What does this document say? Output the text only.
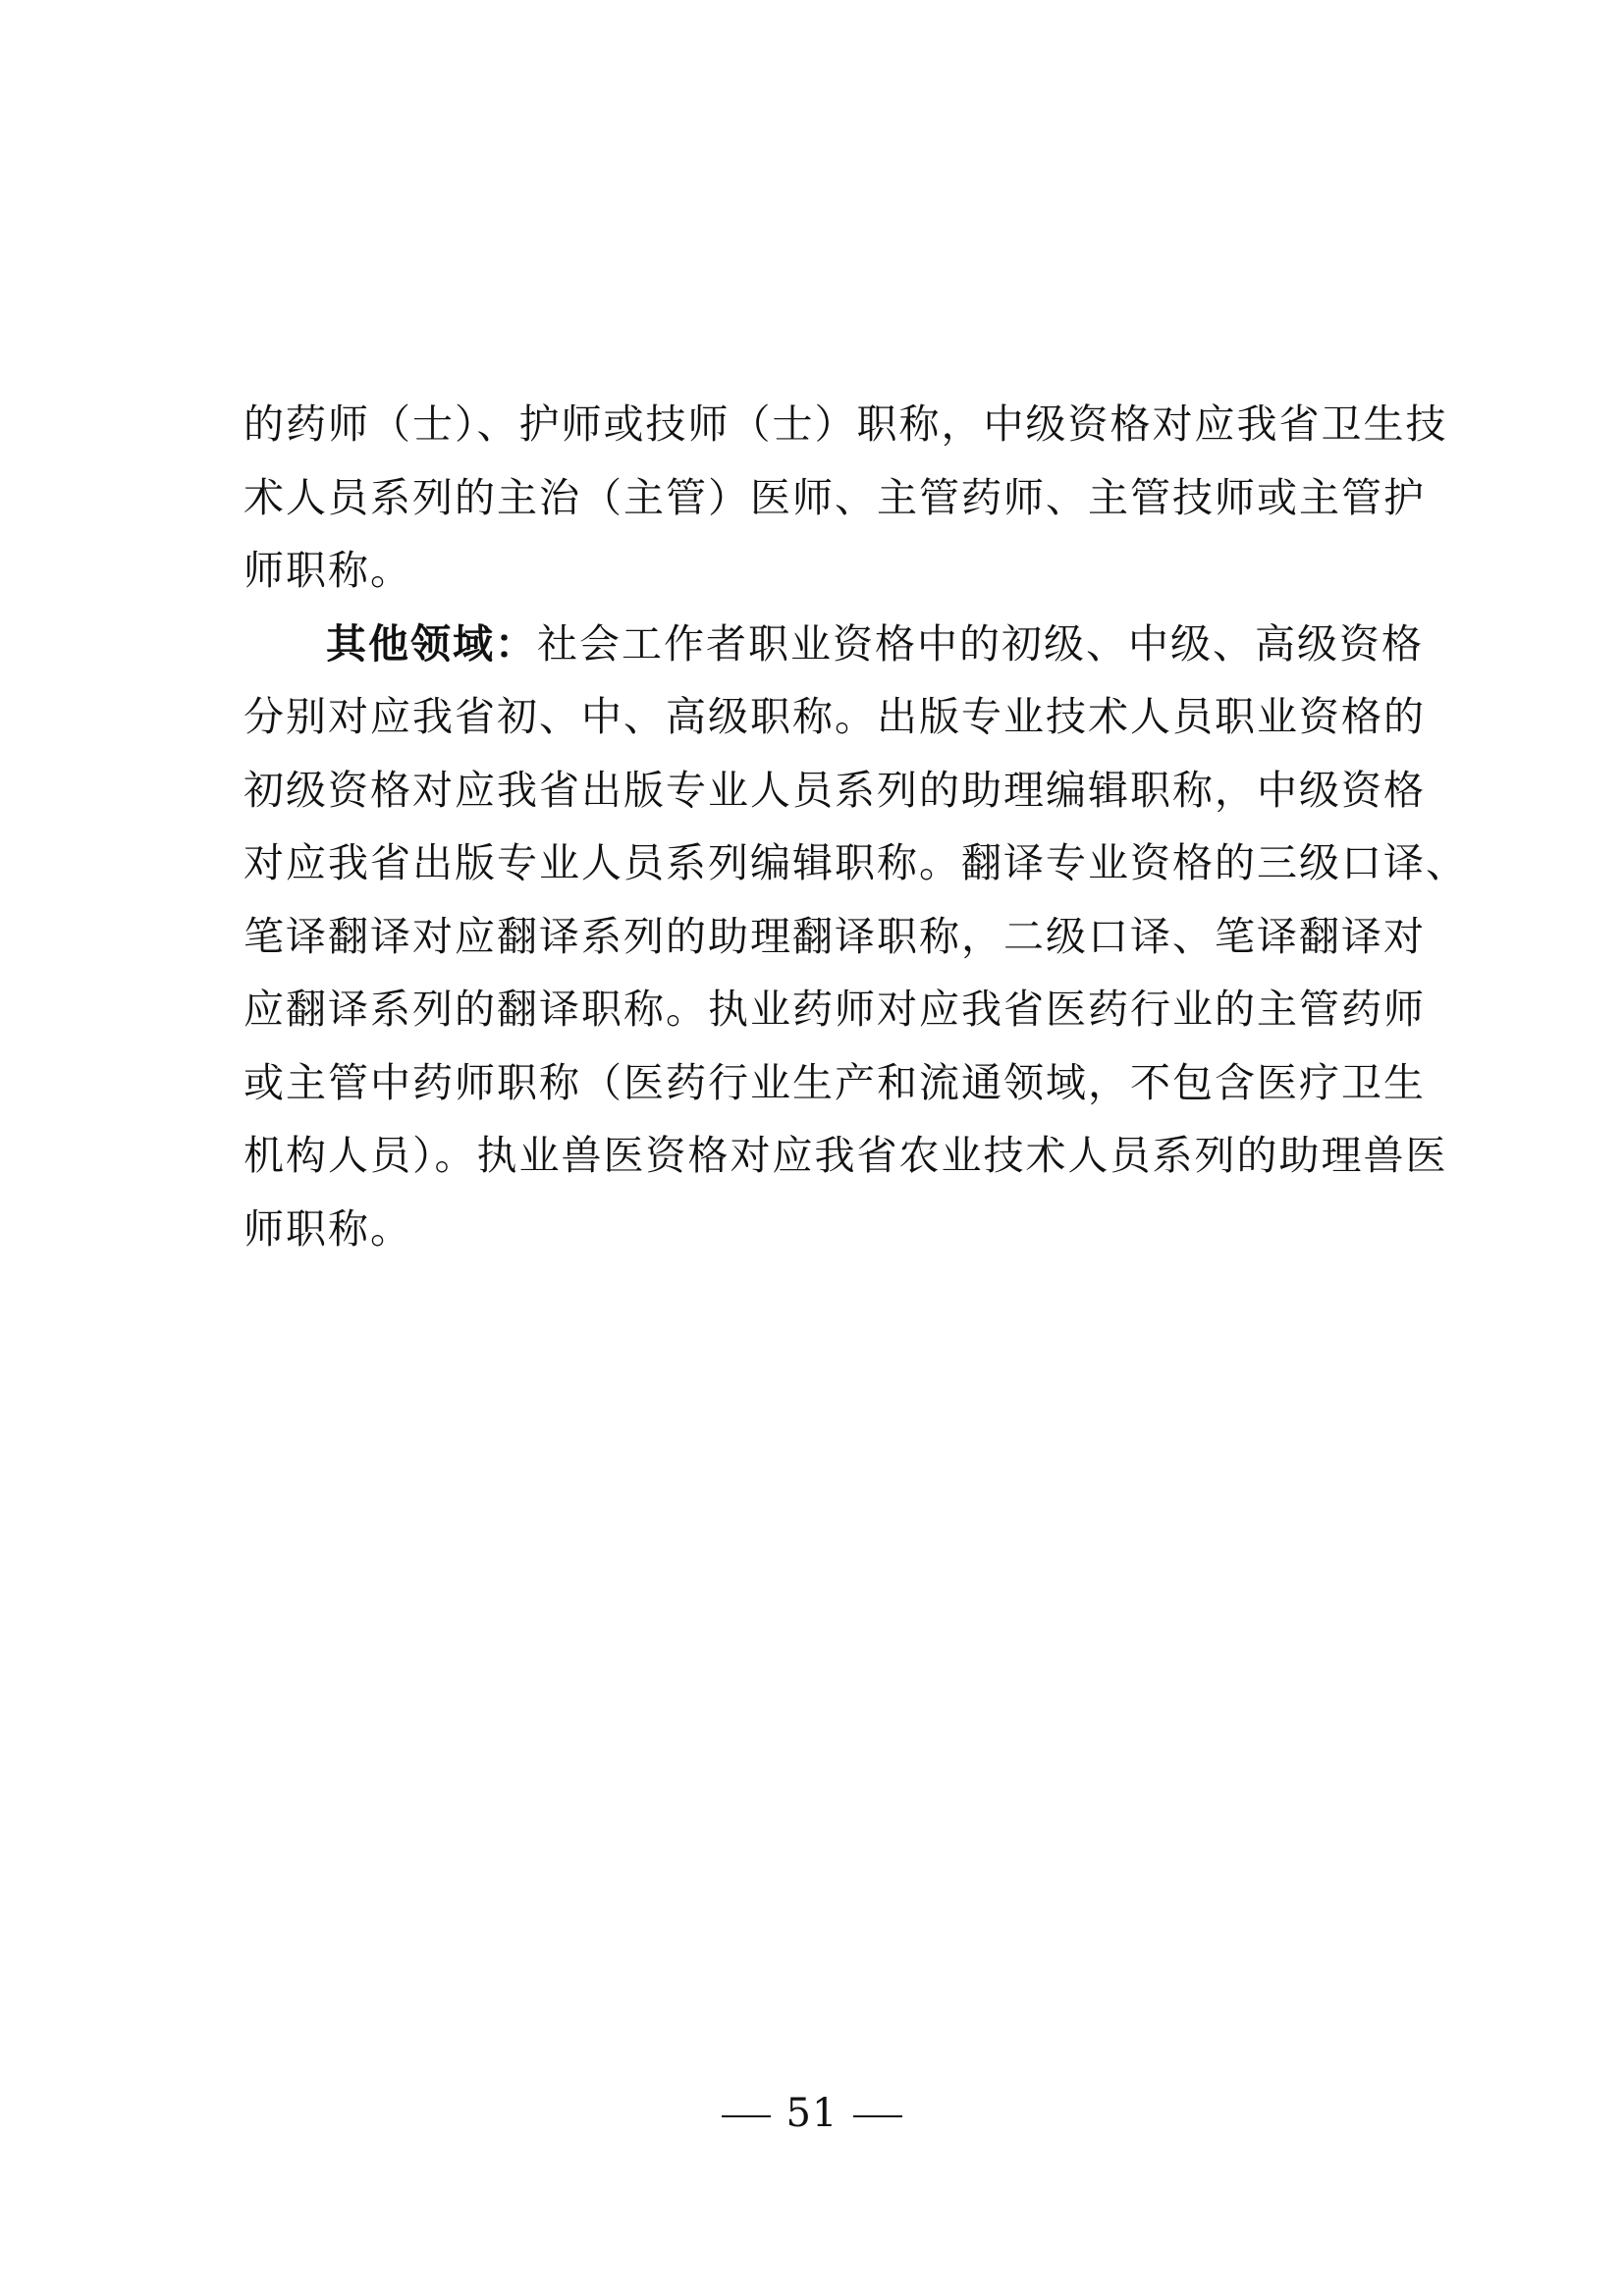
的药师（士）、护师或技师（士）职称，中级资格对应我省卫生技
术人员系列的主治（主管）医师、主管药师、主管技师或主管护
师职称。
其他领域：社会工作者职业资格中的初级、中级、高级资格
分别对应我省初、中、高级职称。出版专业技术人员职业资格的
初级资格对应我省出版专业人员系列的助理编辑职称，中级资格
对应我省出版专业人员系列编辑职称。翻译专业资格的三级口译、
笔译翻译对应翻译系列的助理翻译职称，二级口译、笔译翻译对
应翻译系列的翻译职称。执业药师对应我省医药行业的主管药师
或主管中药师职称（医药行业生产和流通领域，不包含医疗卫生
机构人员）。执业兽医资格对应我省农业技术人员系列的助理兽医
师职称。
51
